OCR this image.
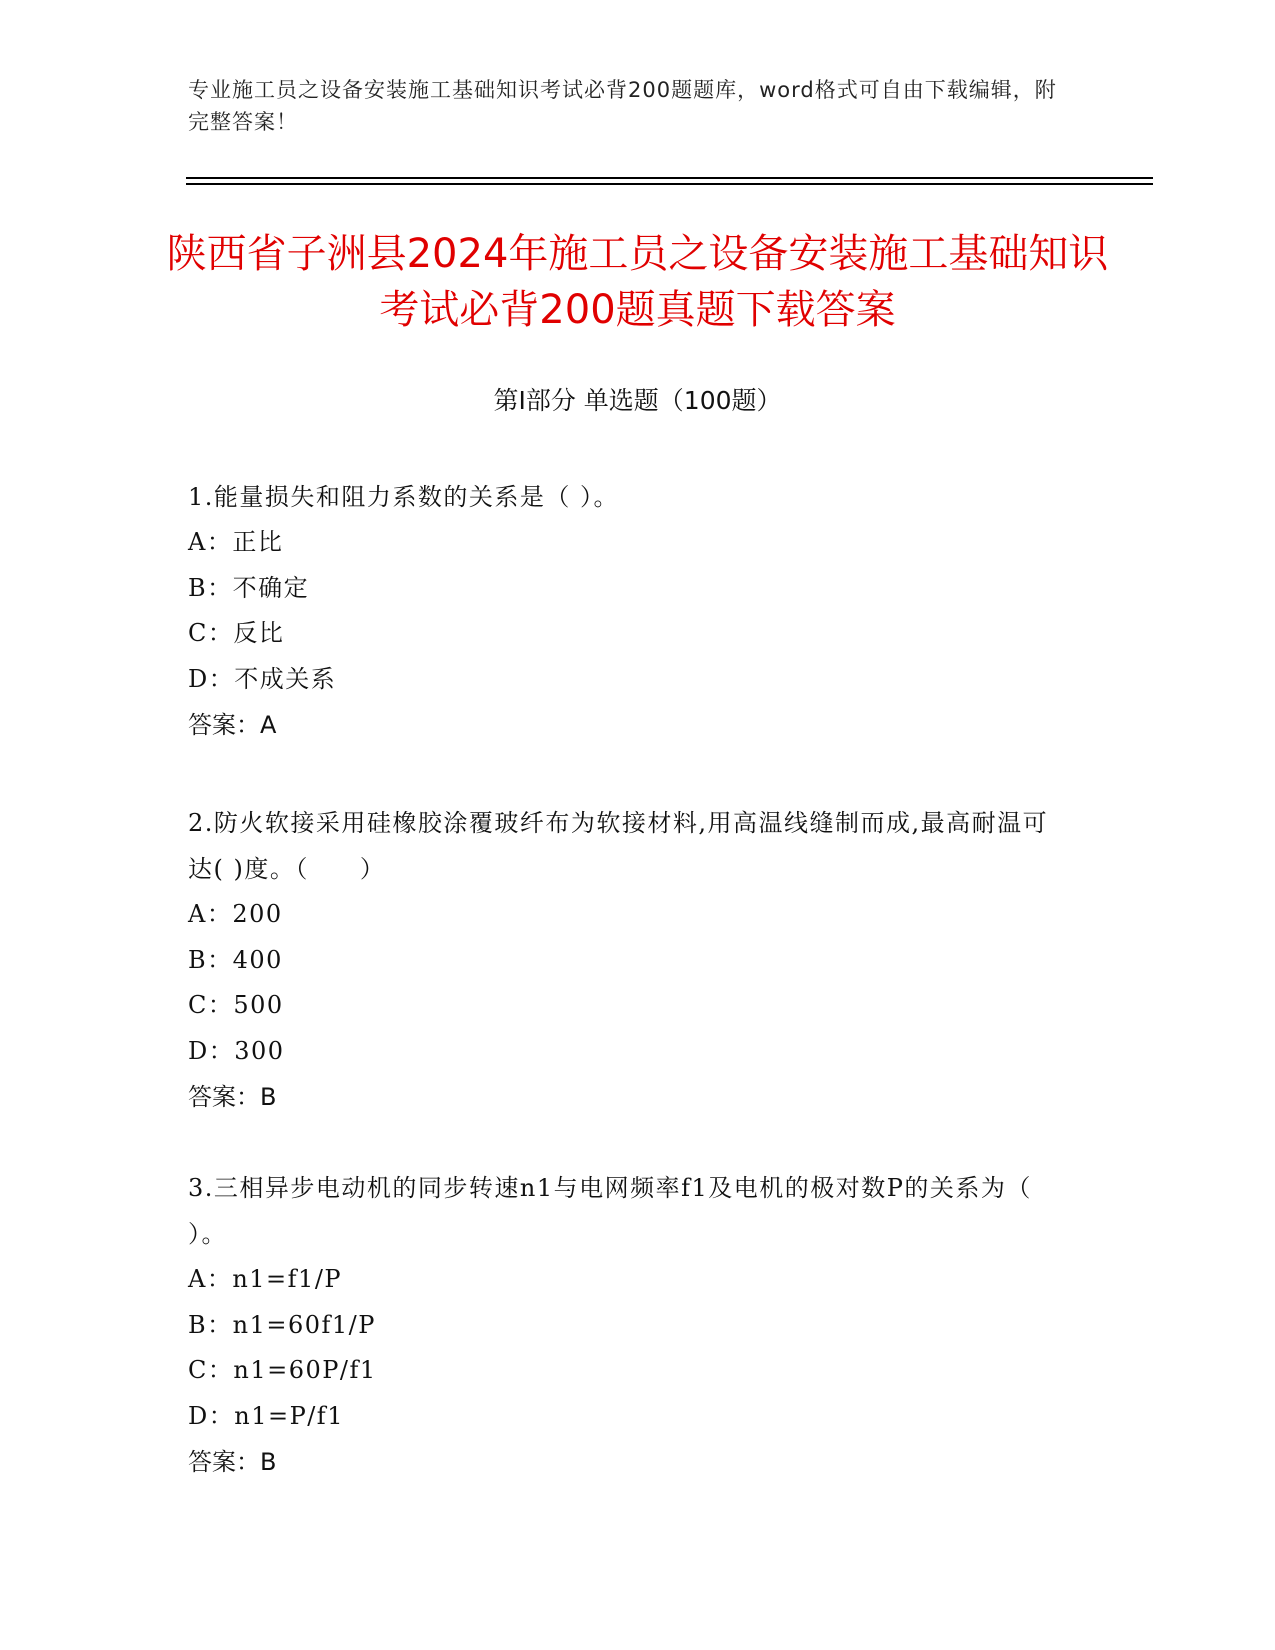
专业施工员之设备安装施工基础知识考试必背200题题库，word格式可自由下载编辑，附完整答案！
陕西省子洲县2024年施工员之设备安装施工基础知识考试必背200题真题下载答案
第Ⅰ部分 单选题（100题）
1.能量损失和阻力系数的关系是（ ）。
A：正比
B：不确定
C：反比
D：不成关系
答案：A
2.防火软接采用硅橡胶涂覆玻纤布为软接材料,用高温线缝制而成,最高耐温可达( )度。（　　）
A：200
B：400
C：500
D：300
答案：B
3.三相异步电动机的同步转速n1与电网频率f1及电机的极对数P的关系为（ ）。
A：n1=f1/P
B：n1=60f1/P
C：n1=60P/f1
D：n1=P/f1
答案：B
